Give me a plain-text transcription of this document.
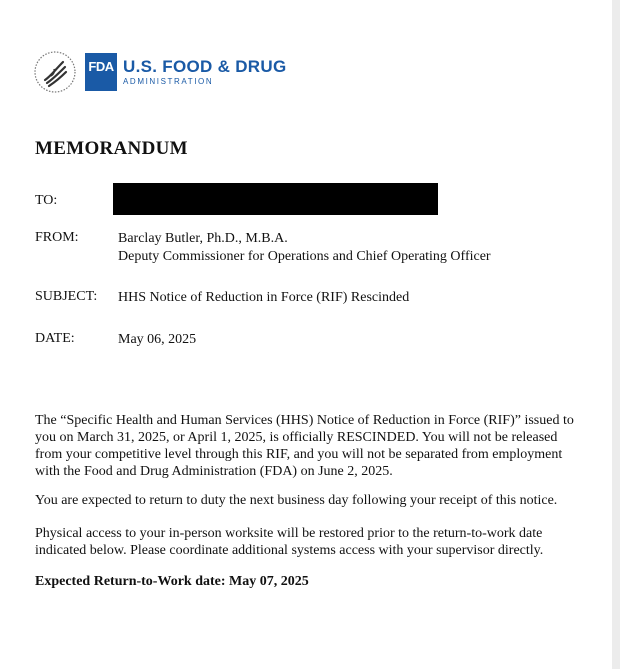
FDA U.S. FOOD & DRUG
ADMINISTRATION
MEMORANDUM
TO:
FROM:	Barclay Butler, Ph.D., M.B.A.
Deputy Commissioner for Operations and Chief Operating Officer
SUBJECT: HHS Notice of Reduction in Force (RIF) Rescinded
DATE:	May 06, 2025
The “Specific Health and Human Services (HHS) Notice of Reduction in Force (RIF)” issued to you on March 31, 2025, or April 1, 2025, is officially RESCINDED. You will not be released from your competitive level through this RIF, and you will not be separated from employment with the Food and Drug Administration (FDA) on June 2, 2025.
You are expected to return to duty the next business day following your receipt of this notice.
Physical access to your in-person worksite will be restored prior to the return-to-work date indicated below. Please coordinate additional systems access with your supervisor directly.
Expected Return-to-Work date: May 07, 2025
